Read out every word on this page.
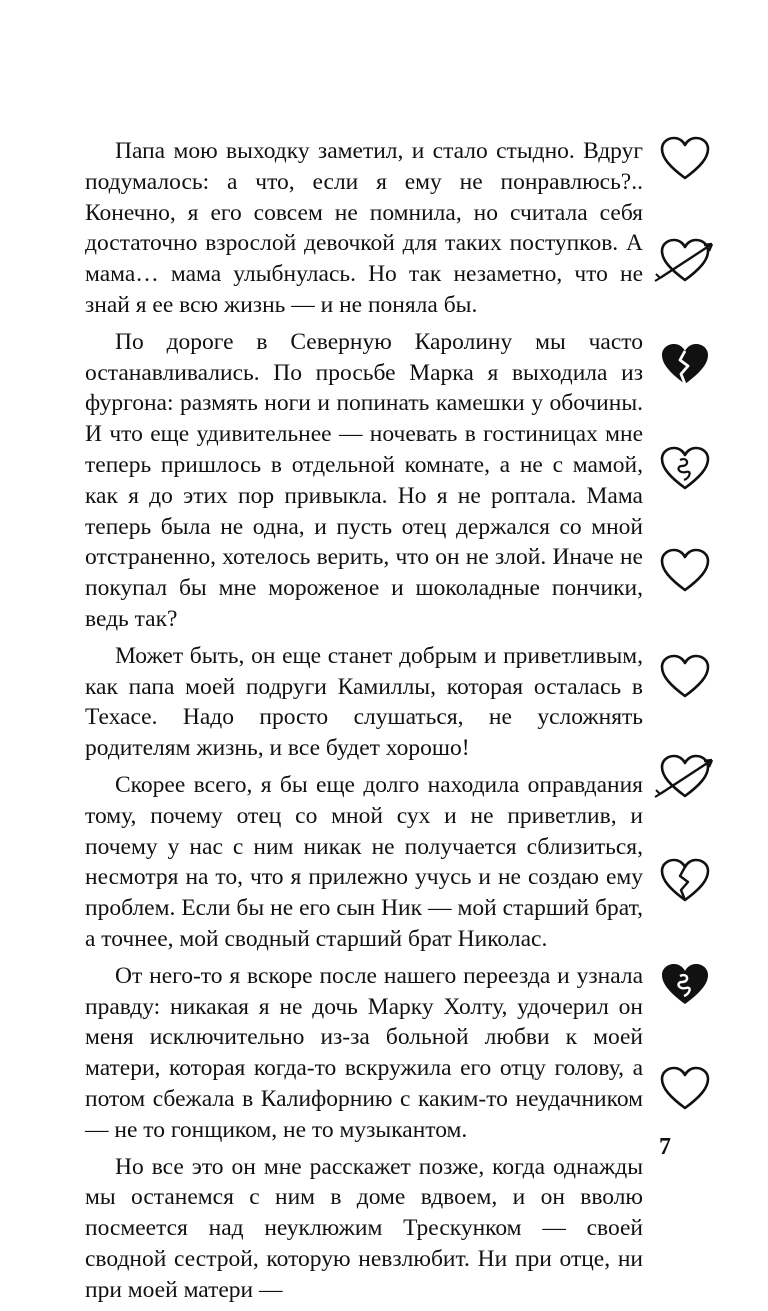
Папа мою выходку заметил, и стало стыдно. Вдруг подумалось: а что, если я ему не понравлюсь?.. Конечно, я его совсем не помнила, но считала себя достаточно взрослой девочкой для таких поступков. А мама… мама улыбнулась. Но так незаметно, что не знай я ее всю жизнь — и не поняла бы.

По дороге в Северную Каролину мы часто останавливались. По просьбе Марка я выходила из фургона: размять ноги и попинать камешки у обочины. И что еще удивительнее — ночевать в гостиницах мне теперь пришлось в отдельной комнате, а не с мамой, как я до этих пор привыкла. Но я не роптала. Мама теперь была не одна, и пусть отец держался со мной отстраненно, хотелось верить, что он не злой. Иначе не покупал бы мне мороженое и шоколадные пончики, ведь так?

Может быть, он еще станет добрым и приветливым, как папа моей подруги Камиллы, которая осталась в Техасе. Надо просто слушаться, не усложнять родителям жизнь, и все будет хорошо!

Скорее всего, я бы еще долго находила оправдания тому, почему отец со мной сух и не приветлив, и почему у нас с ним никак не получается сблизиться, несмотря на то, что я прилежно учусь и не создаю ему проблем. Если бы не его сын Ник — мой старший брат, а точнее, мой сводный старший брат Николас.

От него-то я вскоре после нашего переезда и узнала правду: никакая я не дочь Марку Холту, удочерил он меня исключительно из-за больной любви к моей матери, которая когда-то вскружила его отцу голову, а потом сбежала в Калифорнию с каким-то неудачником — не то гонщиком, не то музыкантом.

Но все это он мне расскажет позже, когда однажды мы останемся с ним в доме вдвоем, и он вволю посмеется над неуклюжим Трескунком — своей сводной сестрой, которую невзлюбит. Ни при отце, ни при моей матери —

7
